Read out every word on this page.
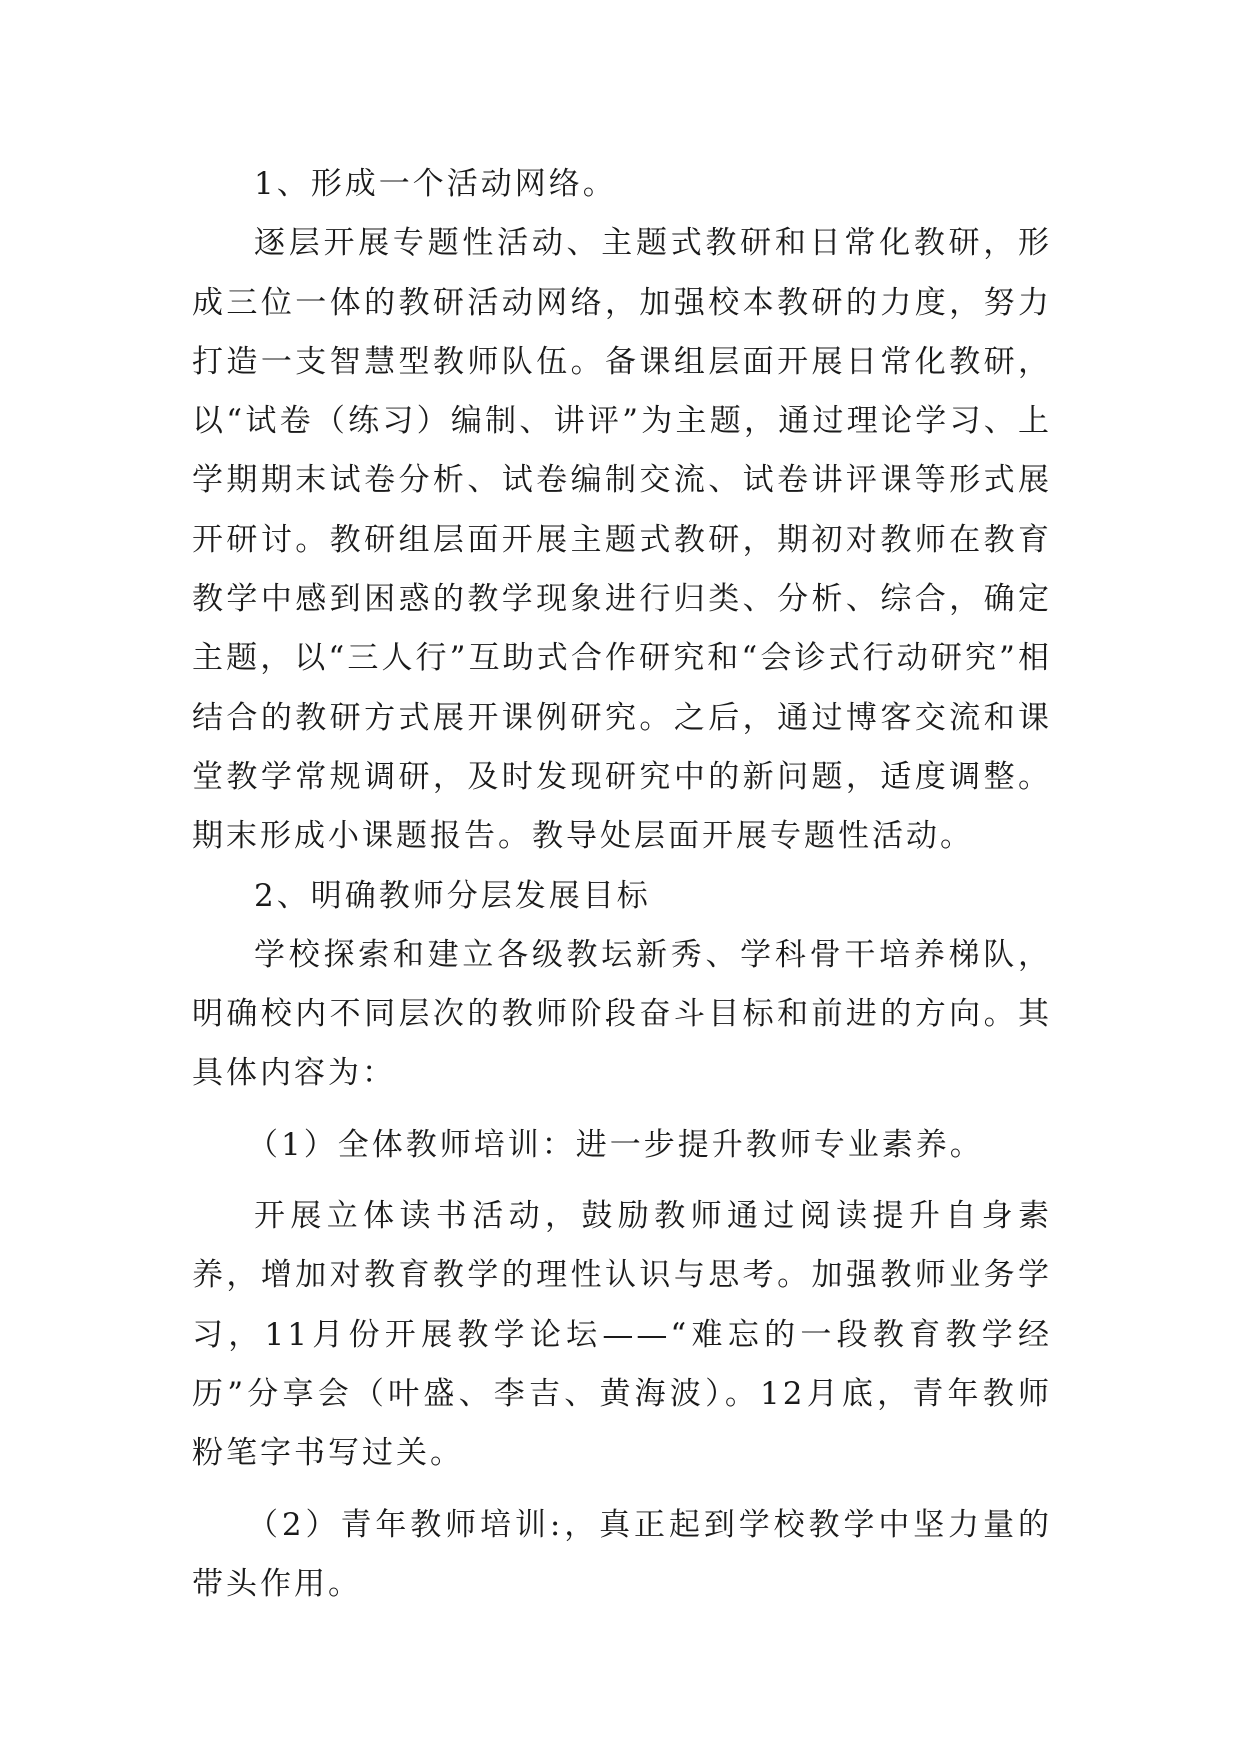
1、形成一个活动网络。

逐层开展专题性活动、主题式教研和日常化教研，形成三位一体的教研活动网络，加强校本教研的力度，努力打造一支智慧型教师队伍。备课组层面开展日常化教研，以“试卷（练习）编制、讲评”为主题，通过理论学习、上学期期末试卷分析、试卷编制交流、试卷讲评课等形式展开研讨。教研组层面开展主题式教研，期初对教师在教育教学中感到困惑的教学现象进行归类、分析、综合，确定主题，以“三人行”互助式合作研究和“会诊式行动研究”相结合的教研方式展开课例研究。之后，通过博客交流和课堂教学常规调研，及时发现研究中的新问题，适度调整。期末形成小课题报告。教导处层面开展专题性活动。

2、明确教师分层发展目标

学校探索和建立各级教坛新秀、学科骨干培养梯队，明确校内不同层次的教师阶段奋斗目标和前进的方向。其具体内容为：

（1）全体教师培训：进一步提升教师专业素养。

开展立体读书活动，鼓励教师通过阅读提升自身素养，增加对教育教学的理性认识与思考。加强教师业务学习，11月份开展教学论坛——“难忘的一段教育教学经历”分享会（叶盛、李吉、黄海波）。12月底，青年教师粉笔字书写过关。

（2）青年教师培训:，真正起到学校教学中坚力量的带头作用。
